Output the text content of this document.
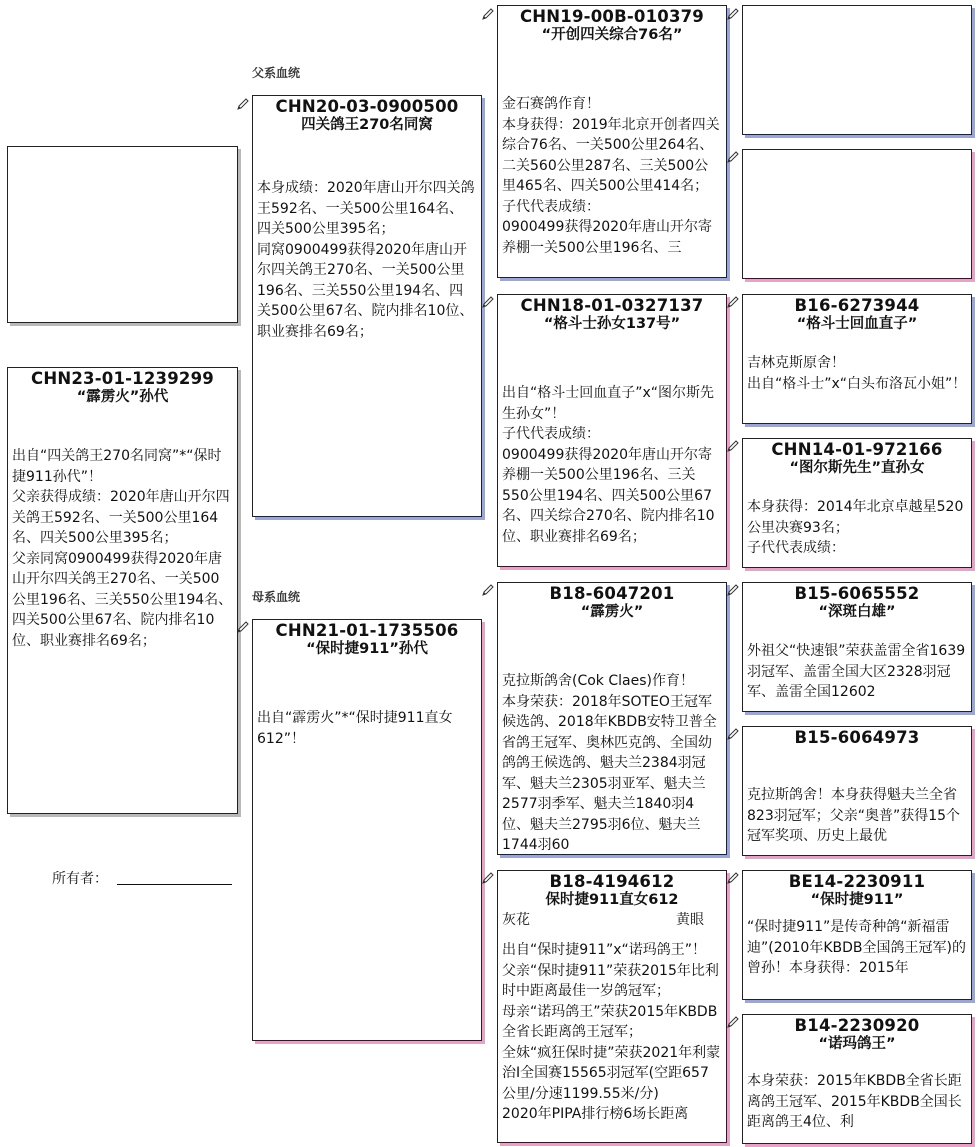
父系血统
母系血统
CHN23-01-1239299
“霹雳火”孙代
出自“四关鸽王270名同窝”*“保时捷911孙代”！
父亲获得成绩：2020年唐山开尔四关鸽王592名、一关500公里164名、四关500公里395名；
父亲同窝0900499获得2020年唐山开尔四关鸽王270名、一关500公里196名、三关550公里194名、四关500公里67名、院内排名10位、职业赛排名69名；
所有者：
CHN20-03-0900500
四关鸽王270名同窝
本身成绩：2020年唐山开尔四关鸽王592名、一关500公里164名、四关500公里395名；
同窝0900499获得2020年唐山开尔四关鸽王270名、一关500公里196名、三关550公里194名、四关500公里67名、院内排名10位、职业赛排名69名；
CHN21-01-1735506
“保时捷911”孙代
出自“霹雳火”*“保时捷911直女612”！
CHN19-00B-010379
“开创四关综合76名”
金石赛鸽作育！
本身获得：2019年北京开创者四关综合76名、一关500公里264名、二关560公里287名、三关500公里465名、四关500公里414名；
子代代表成绩：
0900499获得2020年唐山开尔寄养棚一关500公里196名、三
CHN18-01-0327137
“格斗士孙女137号”
出自“格斗士回血直子”x“图尔斯先生孙女”！
子代代表成绩：
0900499获得2020年唐山开尔寄养棚一关500公里196名、三关550公里194名、四关500公里67名、四关综合270名、院内排名10位、职业赛排名69名；
B18-6047201
“霹雳火”
克拉斯鸽舍(Cok Claes)作育！
本身荣获：2018年SOTEO王冠军候选鸽、2018年KBDB安特卫普全省鸽王冠军、奥林匹克鸽、全国幼鸽鸽王候选鸽、魁夫兰2384羽冠军、魁夫兰2305羽亚军、魁夫兰2577羽季军、魁夫兰1840羽4位、魁夫兰2795羽6位、魁夫兰1744羽60
B18-4194612
保时捷911直女612
灰花	黄眼
出自“保时捷911”x“诺玛鸽王”！
父亲“保时捷911”荣获2015年比利时中距离最佳一岁鸽冠军；
母亲“诺玛鸽王”荣获2015年KBDB全省长距离鸽王冠军；
全妹“疯狂保时捷”荣获2021年利蒙治I全国赛15565羽冠军(空距657公里/分速1199.55米/分)
2020年PIPA排行榜6场长距离
B16-6273944
“格斗士回血直子”
吉林克斯原舍！
出自“格斗士”x“白头布洛瓦小姐”！
CHN14-01-972166
“图尔斯先生”直孙女
本身获得：2014年北京卓越星520公里决赛93名；
子代代表成绩：
B15-6065552
“深斑白雄”
外祖父“快速银”荣获盖雷全省1639羽冠军、盖雷全国大区2328羽冠军、盖雷全国12602
B15-6064973
克拉斯鸽舍！本身获得魁夫兰全省823羽冠军；父亲“奥普”获得15个冠军奖项、历史上最优
BE14-2230911
“保时捷911”
“保时捷911”是传奇种鸽“新福雷迪”(2010年KBDB全国鸽王冠军)的曾孙！本身获得：2015年
B14-2230920
“诺玛鸽王”
本身荣获：2015年KBDB全省长距离鸽王冠军、2015年KBDB全国长距离鸽王4位、利
